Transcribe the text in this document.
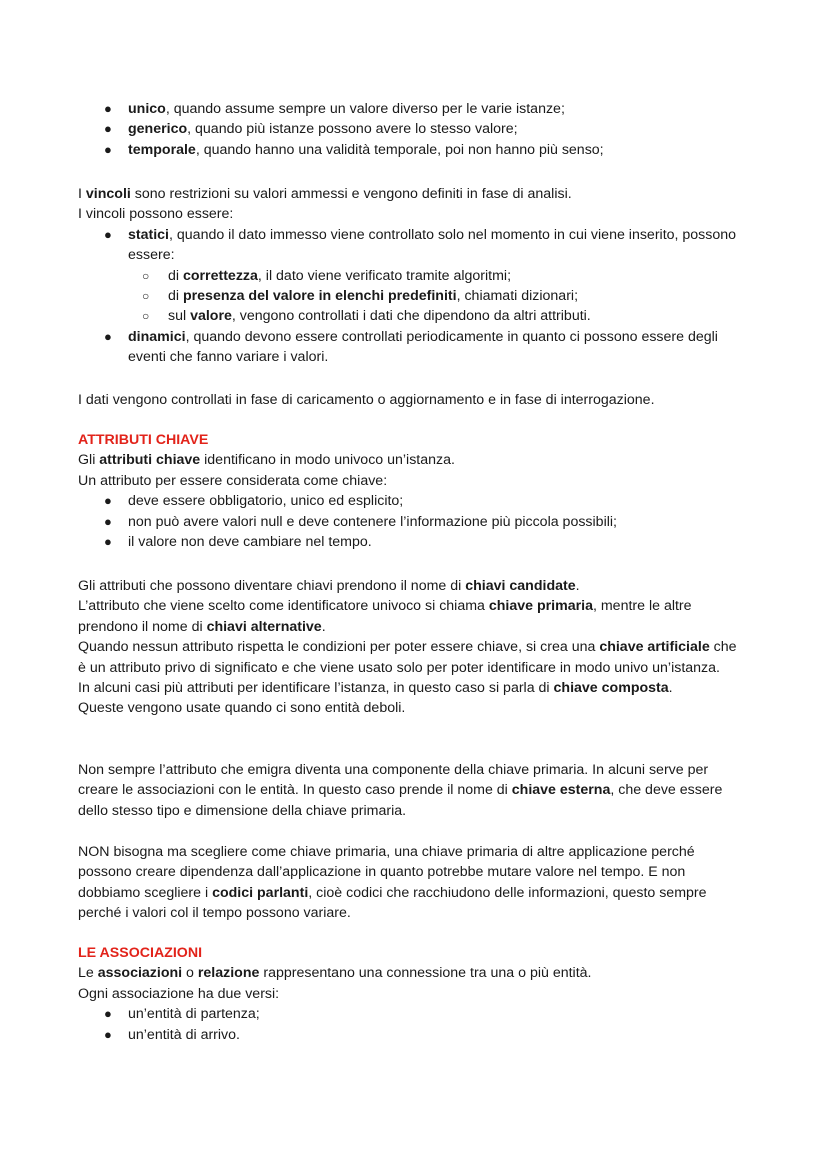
● unico, quando assume sempre un valore diverso per le varie istanze;
● generico, quando più istanze possono avere lo stesso valore;
● temporale, quando hanno una validità temporale, poi non hanno più senso;

I vincoli sono restrizioni su valori ammessi e vengono definiti in fase di analisi.

I vincoli possono essere:

● statici, quando il dato immesso viene controllato solo nel momento in cui viene inserito, possono essere:
○ di correttezza, il dato viene verificato tramite algoritmi;
○ di presenza del valore in elenchi predefiniti, chiamati dizionari;
○ sul valore, vengono controllati i dati che dipendono da altri attributi.
● dinamici, quando devono essere controllati periodicamente in quanto ci possono essere degli eventi che fanno variare i valori.

I dati vengono controllati in fase di caricamento o aggiornamento e in fase di interrogazione.

ATTRIBUTI CHIAVE

Gli attributi chiave identificano in modo univoco un’istanza.

Un attributo per essere considerata come chiave:

● deve essere obbligatorio, unico ed esplicito;
● non può avere valori null e deve contenere l’informazione più piccola possibili;
● il valore non deve cambiare nel tempo.

Gli attributi che possono diventare chiavi prendono il nome di chiavi candidate.

L’attributo che viene scelto come identificatore univoco si chiama chiave primaria, mentre le altre prendono il nome di chiavi alternative.

Quando nessun attributo rispetta le condizioni per poter essere chiave, si crea una chiave artificiale che è un attributo privo di significato e che viene usato solo per poter identificare in modo univo un’istanza.

In alcuni casi più attributi per identificare l’istanza, in questo caso si parla di chiave composta.

Queste vengono usate quando ci sono entità deboli.

Non sempre l’attributo che emigra diventa una componente della chiave primaria. In alcuni serve per creare le associazioni con le entità. In questo caso prende il nome di chiave esterna, che deve essere dello stesso tipo e dimensione della chiave primaria.

NON bisogna ma scegliere come chiave primaria, una chiave primaria di altre applicazione perché possono creare dipendenza dall’applicazione in quanto potrebbe mutare valore nel tempo. E non dobbiamo scegliere i codici parlanti, cioè codici che racchiudono delle informazioni, questo sempre perché i valori col il tempo possono variare.

LE ASSOCIAZIONI

Le associazioni o relazione rappresentano una connessione tra una o più entità.

Ogni associazione ha due versi:

● un’entità di partenza;
● un’entità di arrivo.
